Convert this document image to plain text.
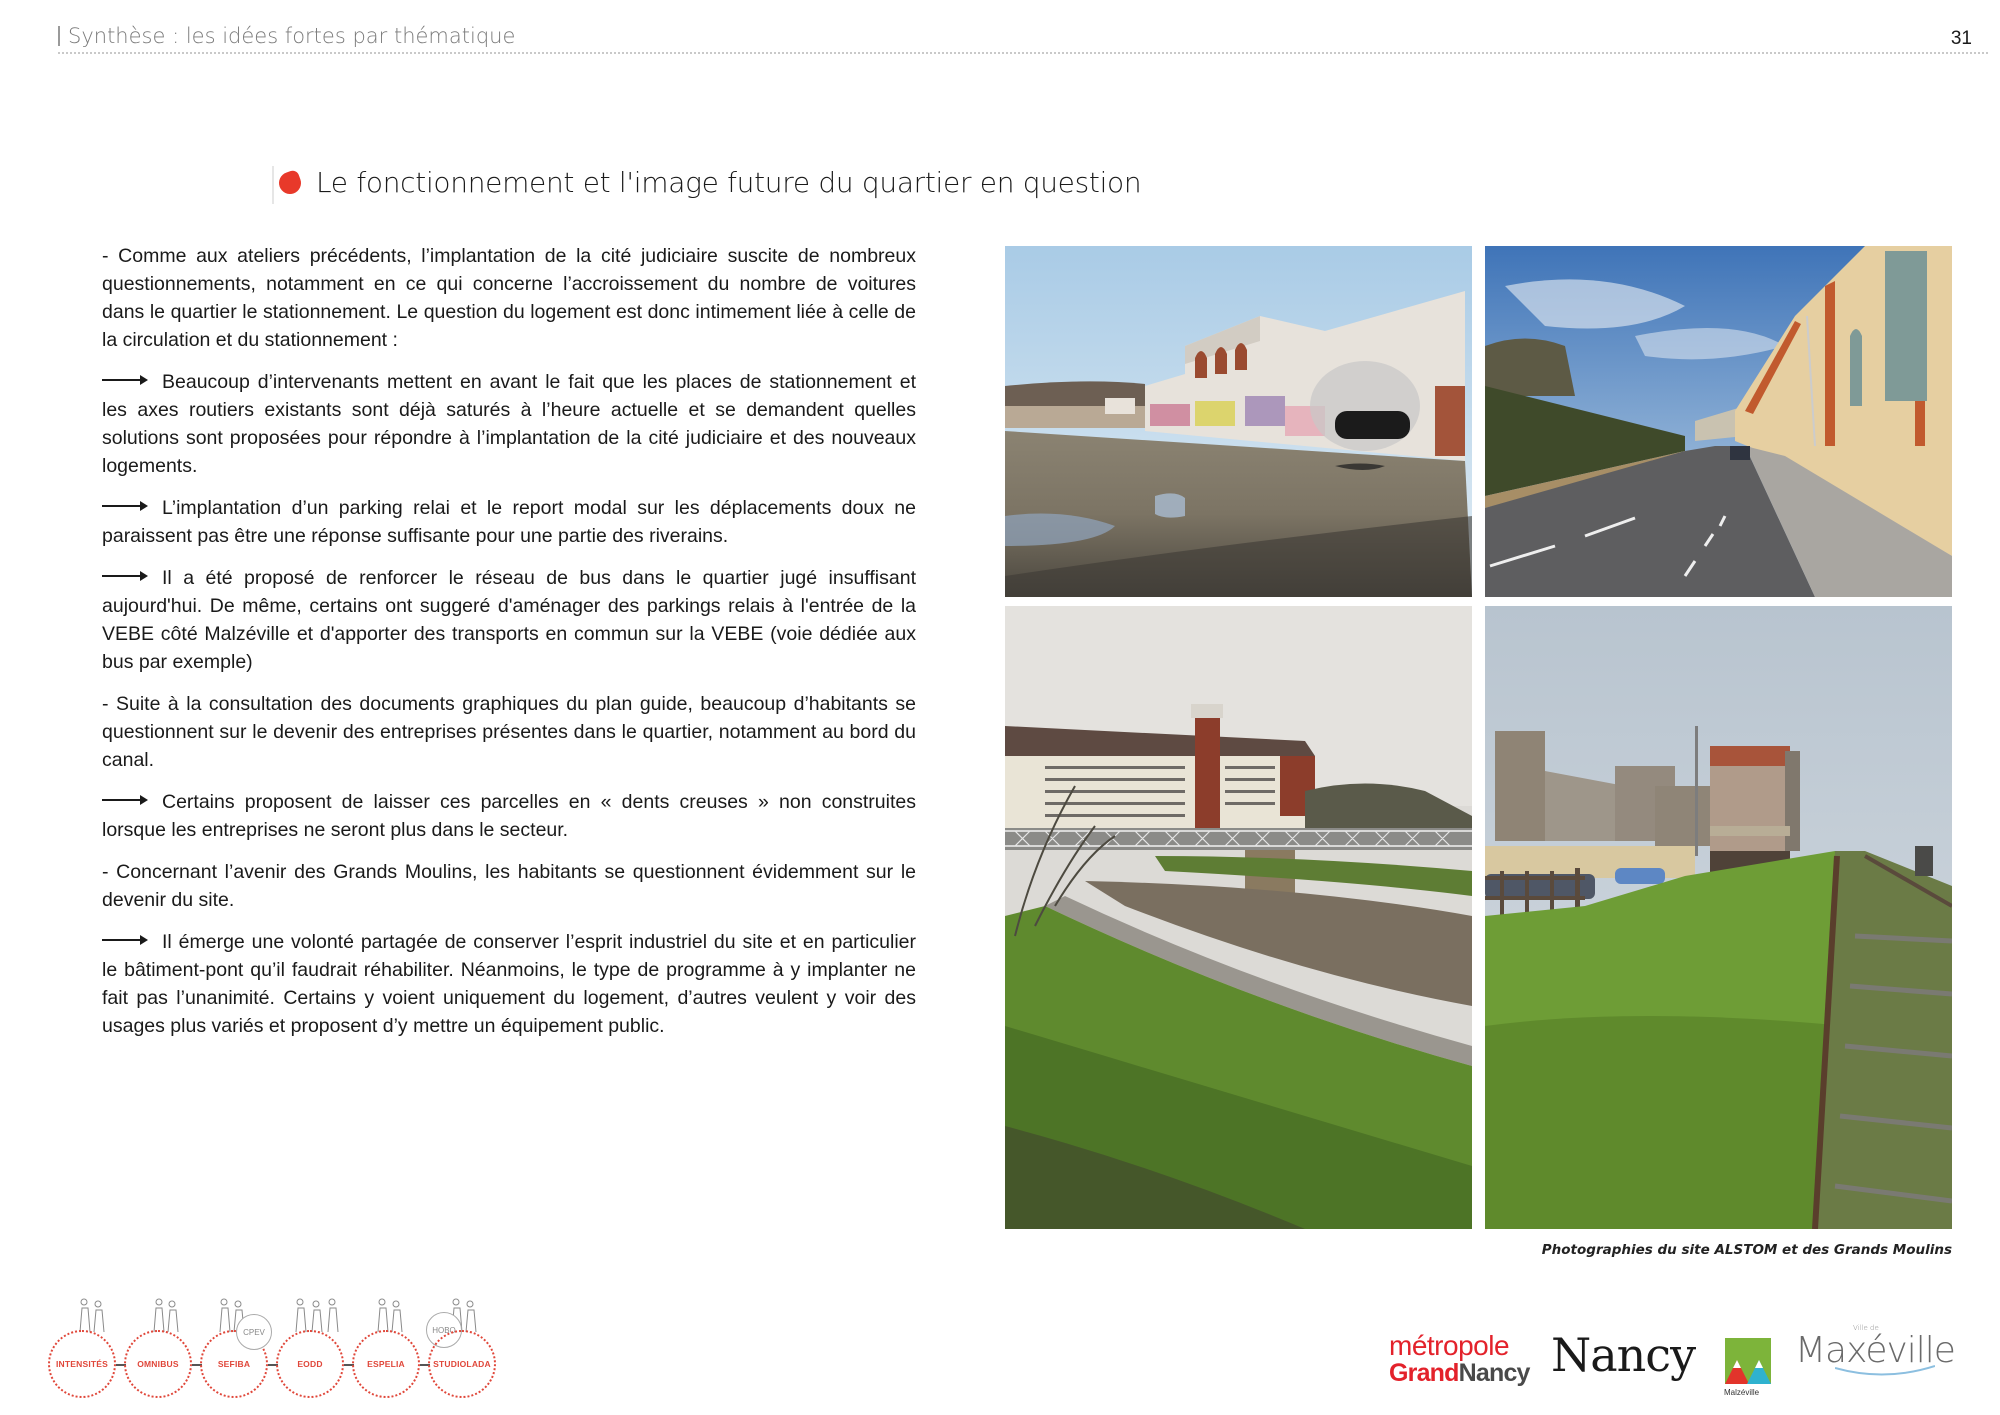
Synthèse : les idées fortes par thématique	31
Le fonctionnement et l'image future du quartier en question

- Comme aux ateliers précédents, l’implantation de la cité judiciaire suscite de nombreux questionnements, notamment en ce qui concerne l’accroissement du nombre de voitures dans le quartier le stationnement. Le question du logement est donc intimement liée à celle de la circulation et du stationnement :

Beaucoup d’intervenants mettent en avant le fait que les places de stationnement et les axes routiers existants sont déjà saturés à l’heure actuelle et se demandent quelles solutions sont proposées pour répondre à l’implantation de la cité judiciaire et des nouveaux logements.

L’implantation d’un parking relai et le report modal sur les déplacements doux ne paraissent pas être une réponse suffisante pour une partie des riverains.

Il a été proposé de renforcer le réseau de bus dans le quartier jugé insuffisant aujourd'hui. De même, certains ont suggeré d'aménager des parkings relais à l'entrée de la VEBE côté Malzéville et d'apporter des transports en commun sur la VEBE (voie dédiée aux bus par exemple)

- Suite à la consultation des documents graphiques du plan guide, beaucoup d’habitants se questionnent sur le devenir des entreprises présentes dans le quartier, notamment au bord du canal.

Certains proposent de laisser ces parcelles en « dents creuses » non construites lorsque les entreprises ne seront plus dans le secteur.

- Concernant l’avenir des Grands Moulins, les habitants se questionnent évidemment sur le devenir du site.

Il émerge une volonté partagée de conserver l’esprit industriel du site et en particulier le bâtiment-pont qu’il faudrait réhabiliter. Néanmoins, le type de programme à y implanter ne fait pas l’unanimité. Certains y voient uniquement du logement, d’autres veulent y voir des usages plus variés et proposent d’y mettre un équipement public.

Photographies du site ALSTOM et des Grands Moulins
INTENSITÉS	OMNIBUS	SEFIBA
CPEV
EODD	ESPELIA
HOBO
STUDIOLADA
métropole
GrandNancy Nancy
Malzéville
Ville de
Maxéville
